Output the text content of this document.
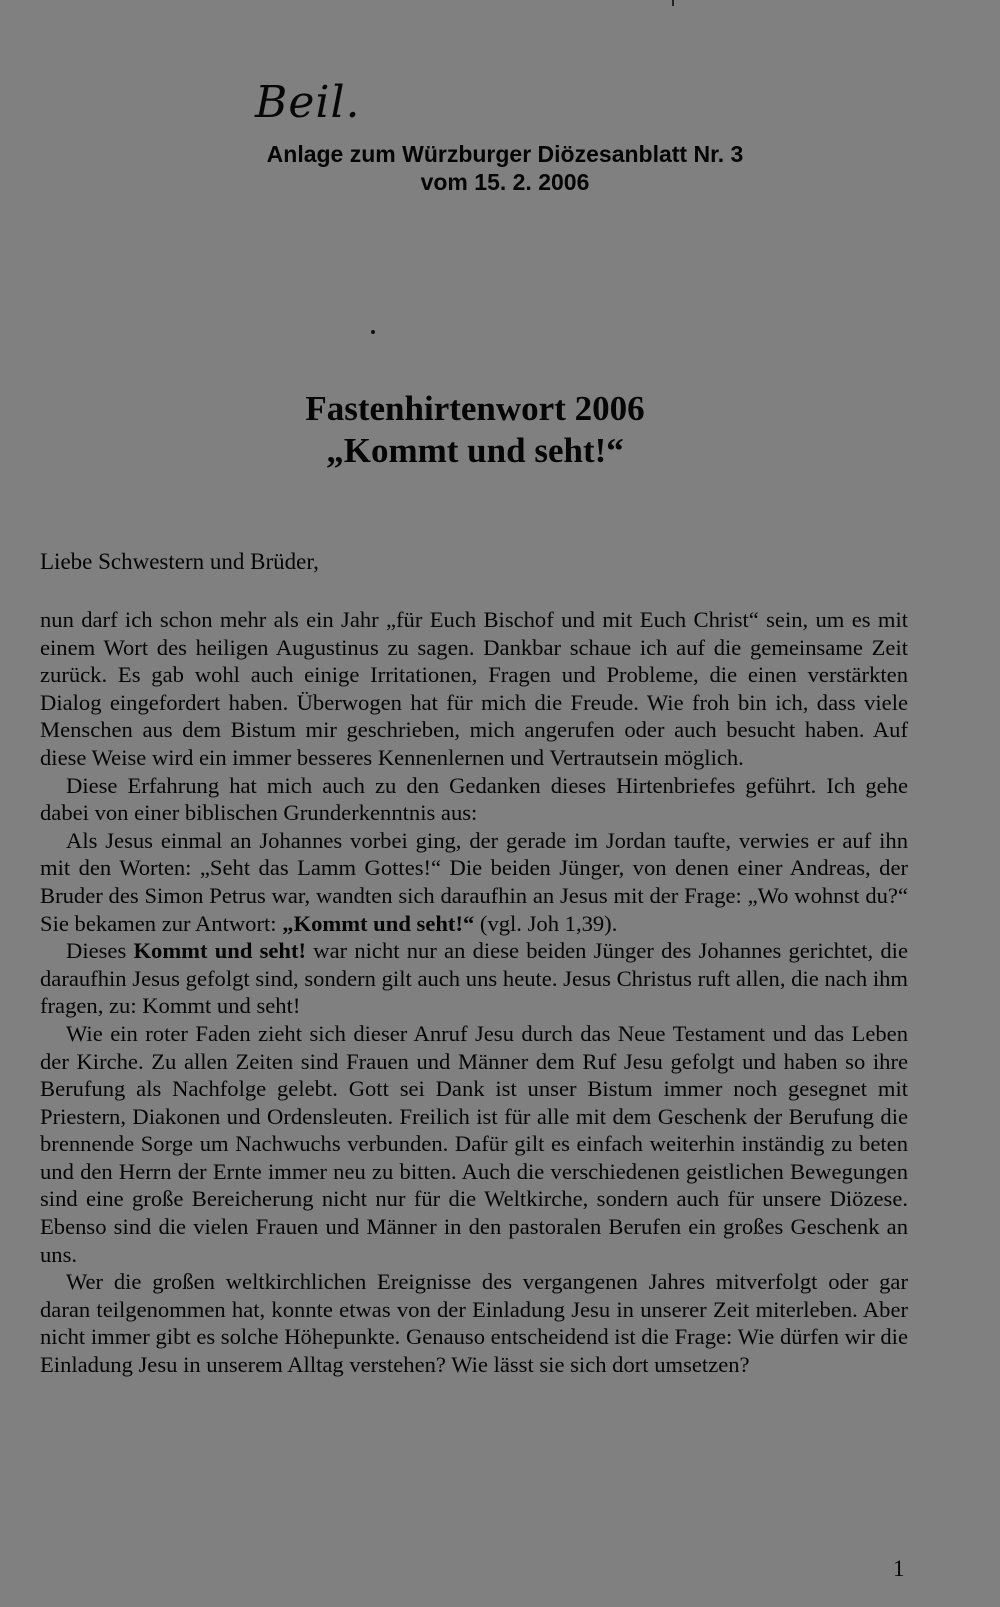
Beil.
Anlage zum Würzburger Diözesanblatt Nr. 3
vom 15. 2. 2006
Fastenhirtenwort 2006
„Kommt und seht!“
Liebe Schwestern und Brüder,

nun darf ich schon mehr als ein Jahr „für Euch Bischof und mit Euch Christ“ sein, um es mit einem Wort des heiligen Augustinus zu sagen. Dankbar schaue ich auf die gemeinsame Zeit zurück. Es gab wohl auch einige Irritationen, Fragen und Probleme, die einen verstärkten Dialog eingefordert haben. Überwogen hat für mich die Freude. Wie froh bin ich, dass viele Menschen aus dem Bistum mir geschrieben, mich angerufen oder auch besucht haben. Auf diese Weise wird ein immer besseres Kennenlernen und Vertrautsein möglich.

Diese Erfahrung hat mich auch zu den Gedanken dieses Hirtenbriefes geführt. Ich gehe dabei von einer biblischen Grunderkenntnis aus:

Als Jesus einmal an Johannes vorbei ging, der gerade im Jordan taufte, verwies er auf ihn mit den Worten: „Seht das Lamm Gottes!“ Die beiden Jünger, von denen einer Andreas, der Bruder des Simon Petrus war, wandten sich daraufhin an Jesus mit der Frage: „Wo wohnst du?“ Sie bekamen zur Antwort: „Kommt und seht!“ (vgl. Joh 1,39).

Dieses Kommt und seht! war nicht nur an diese beiden Jünger des Johannes gerichtet, die daraufhin Jesus gefolgt sind, sondern gilt auch uns heute. Jesus Christus ruft allen, die nach ihm fragen, zu: Kommt und seht!

Wie ein roter Faden zieht sich dieser Anruf Jesu durch das Neue Testament und das Leben der Kirche. Zu allen Zeiten sind Frauen und Männer dem Ruf Jesu gefolgt und haben so ihre Berufung als Nachfolge gelebt. Gott sei Dank ist unser Bistum immer noch gesegnet mit Priestern, Diakonen und Ordensleuten. Freilich ist für alle mit dem Geschenk der Berufung die brennende Sorge um Nachwuchs verbunden. Dafür gilt es einfach weiterhin inständig zu beten und den Herrn der Ernte immer neu zu bitten. Auch die verschiedenen geistlichen Bewegungen sind eine große Bereicherung nicht nur für die Weltkirche, sondern auch für unsere Diözese. Ebenso sind die vielen Frauen und Männer in den pastoralen Berufen ein großes Geschenk an uns.

Wer die großen weltkirchlichen Ereignisse des vergangenen Jahres mitverfolgt oder gar daran teilgenommen hat, konnte etwas von der Einladung Jesu in unserer Zeit miterleben. Aber nicht immer gibt es solche Höhepunkte. Genauso entscheidend ist die Frage: Wie dürfen wir die Einladung Jesu in unserem Alltag verstehen? Wie lässt sie sich dort umsetzen?

1
